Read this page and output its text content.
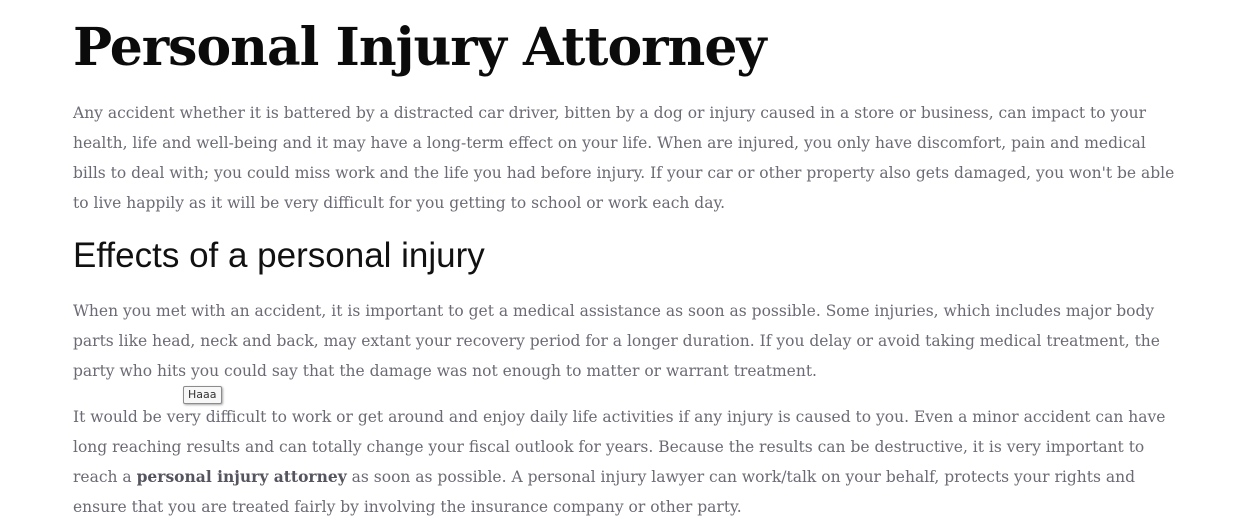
Personal Injury Attorney

Any accident whether it is battered by a distracted car driver, bitten by a dog or injury caused in a store or business, can impact to your health, life and well-being and it may have a long-term effect on your life. When are injured, you only have discomfort, pain and medical bills to deal with; you could miss work and the life you had before injury. If your car or other property also gets damaged, you won't be able to live happily as it will be very difficult for you getting to school or work each day.

Effects of a personal injury

When you met with an accident, it is important to get a medical assistance as soon as possible. Some injuries, which includes major body parts like head, neck and back, may extant your recovery period for a longer duration. If you delay or avoid taking medical treatment, the party who hits you could say that the damage was not enough to matter or warrant treatment.

It would be very difficult to work or get around and enjoy daily life activities if any injury is caused to you. Even a minor accident can have long reaching results and can totally change your fiscal outlook for years. Because the results can be destructive, it is very important to reach a personal injury attorney as soon as possible. A personal injury lawyer can work/talk on your behalf, protects your rights and ensure that you are treated fairly by involving the insurance company or other party.

Haaa
